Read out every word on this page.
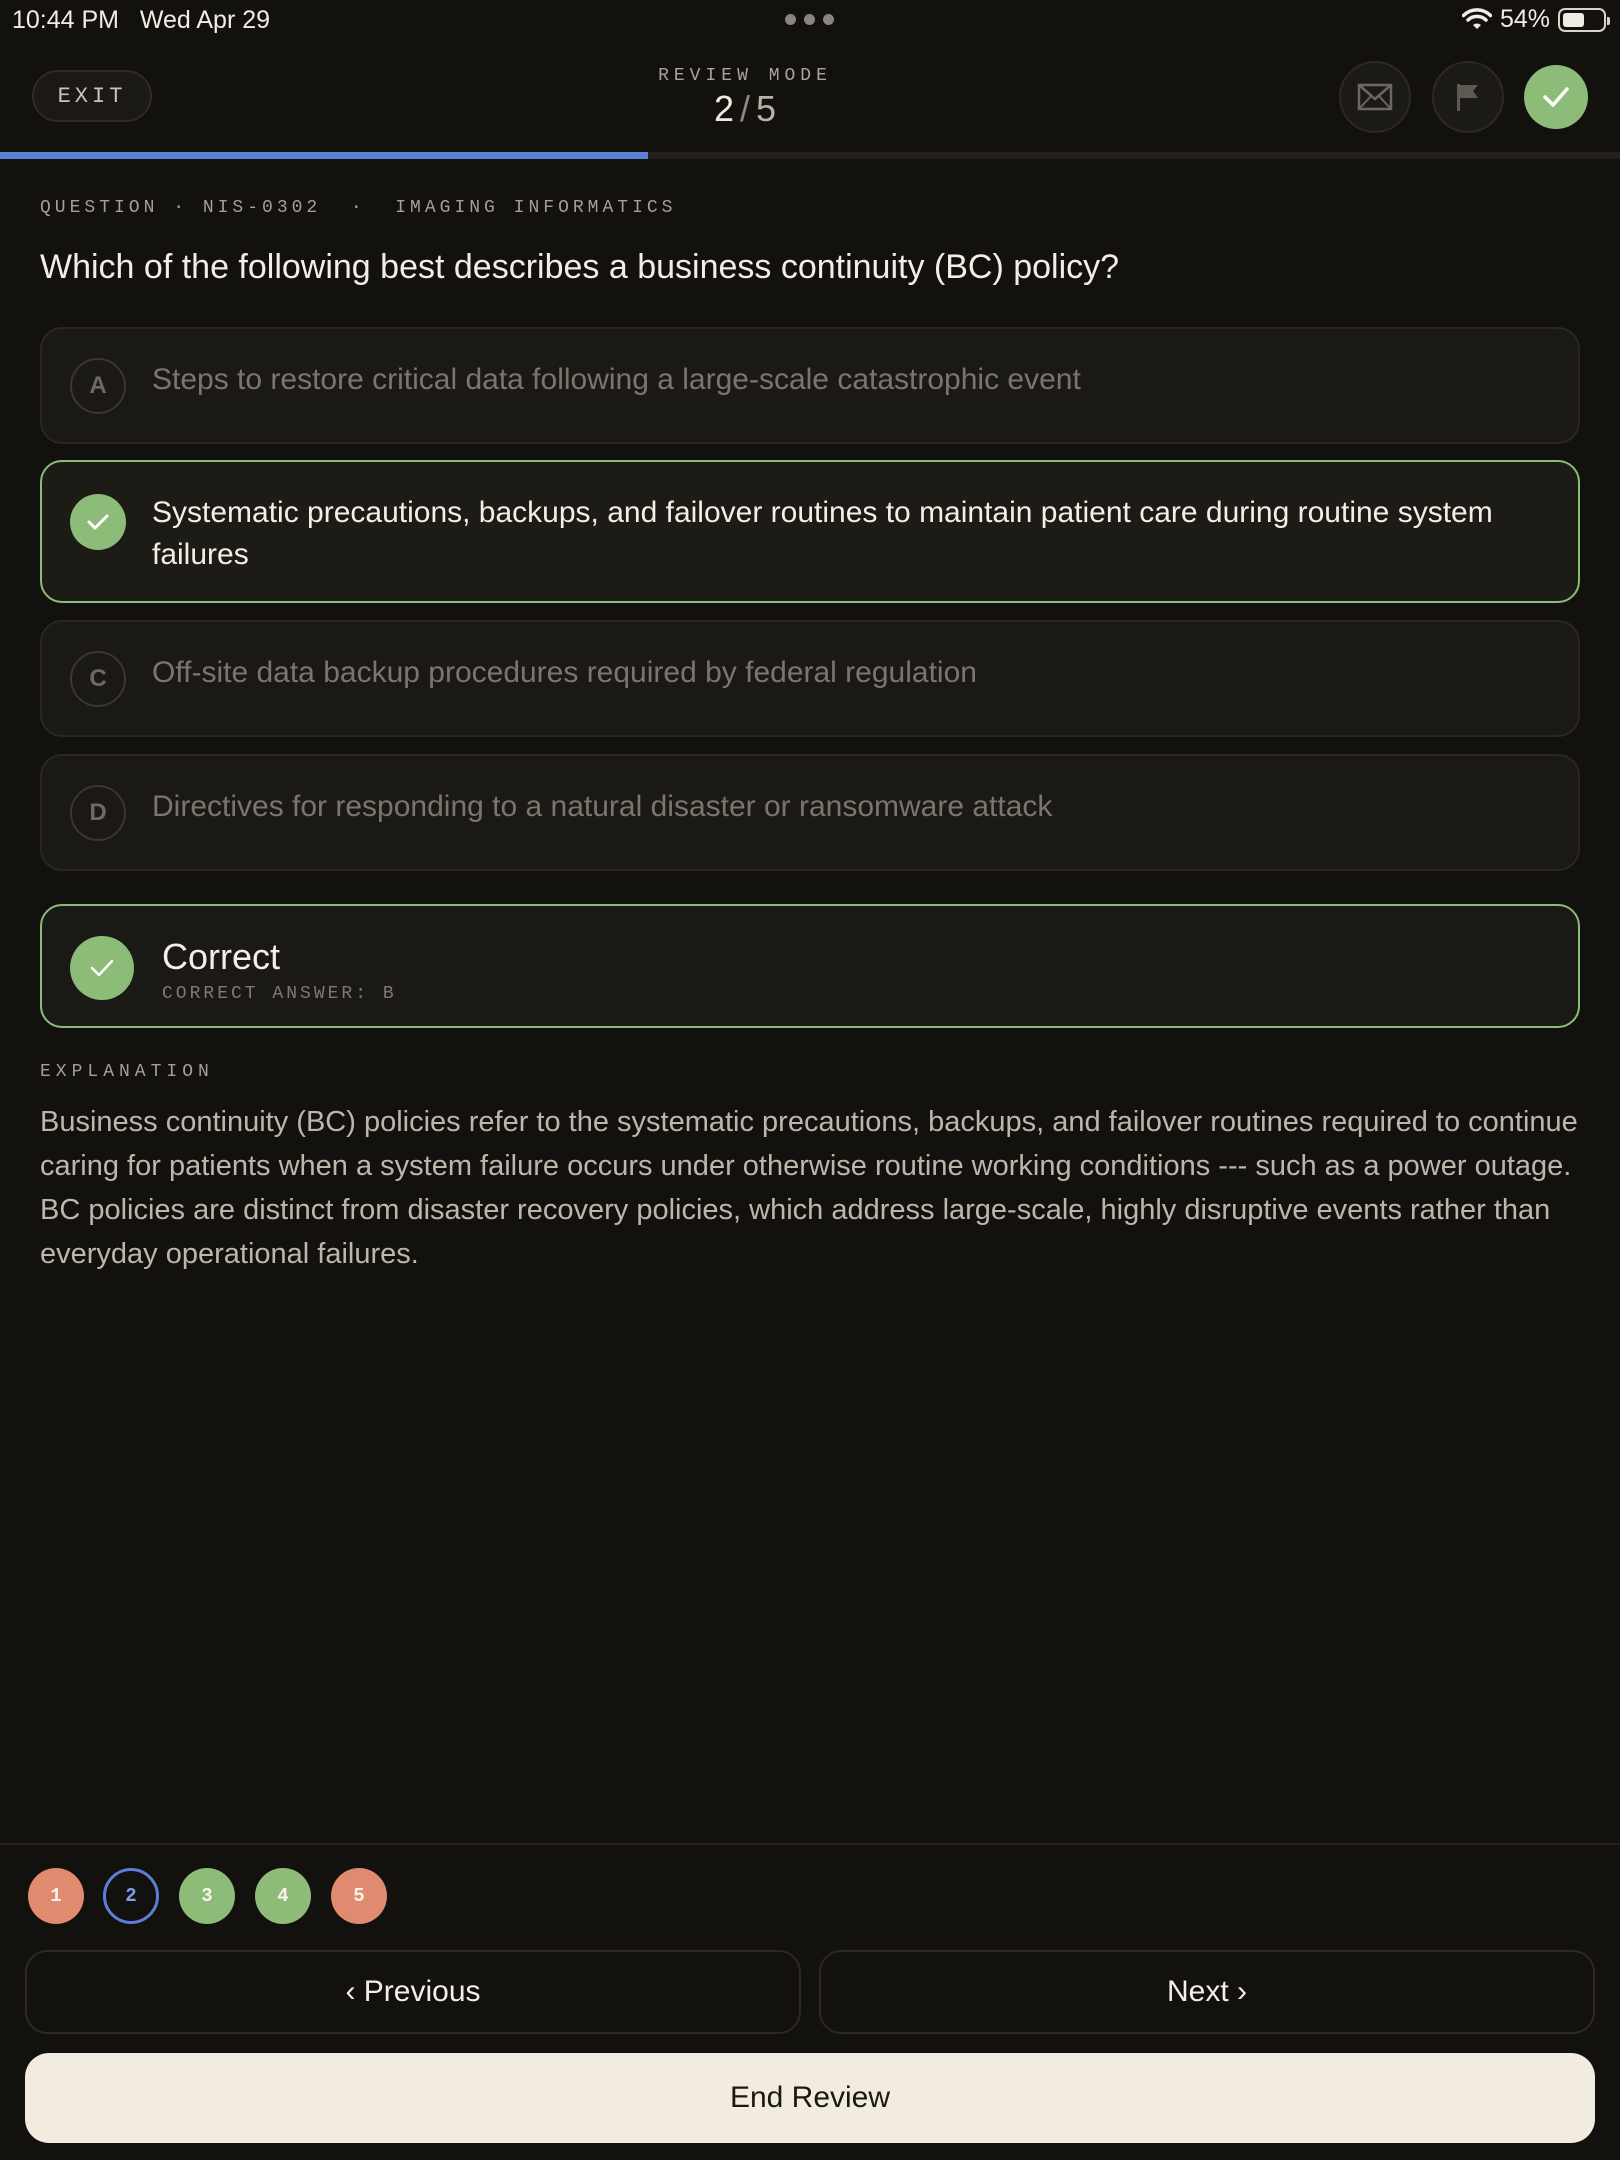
10:44 PM Wed Apr 29	54%
EXIT
REVIEW MODE
2 / 5
QUESTION · NIS-0302  ·  IMAGING INFORMATICS
Which of the following best describes a business continuity (BC) policy?
A	Steps to restore critical data following a large-scale catastrophic event
Systematic precautions, backups, and failover routines to maintain patient care during routine system failures
C	Off-site data backup procedures required by federal regulation
D	Directives for responding to a natural disaster or ransomware attack
Correct
CORRECT ANSWER: B
EXPLANATION
Business continuity (BC) policies refer to the systematic precautions, backups, and failover routines required to continue caring for patients when a system failure occurs under otherwise routine working conditions --- such as a power outage. BC policies are distinct from disaster recovery policies, which address large-scale, highly disruptive events rather than everyday operational failures.
1	2	3	4	5
‹ Previous	Next ›
End Review
